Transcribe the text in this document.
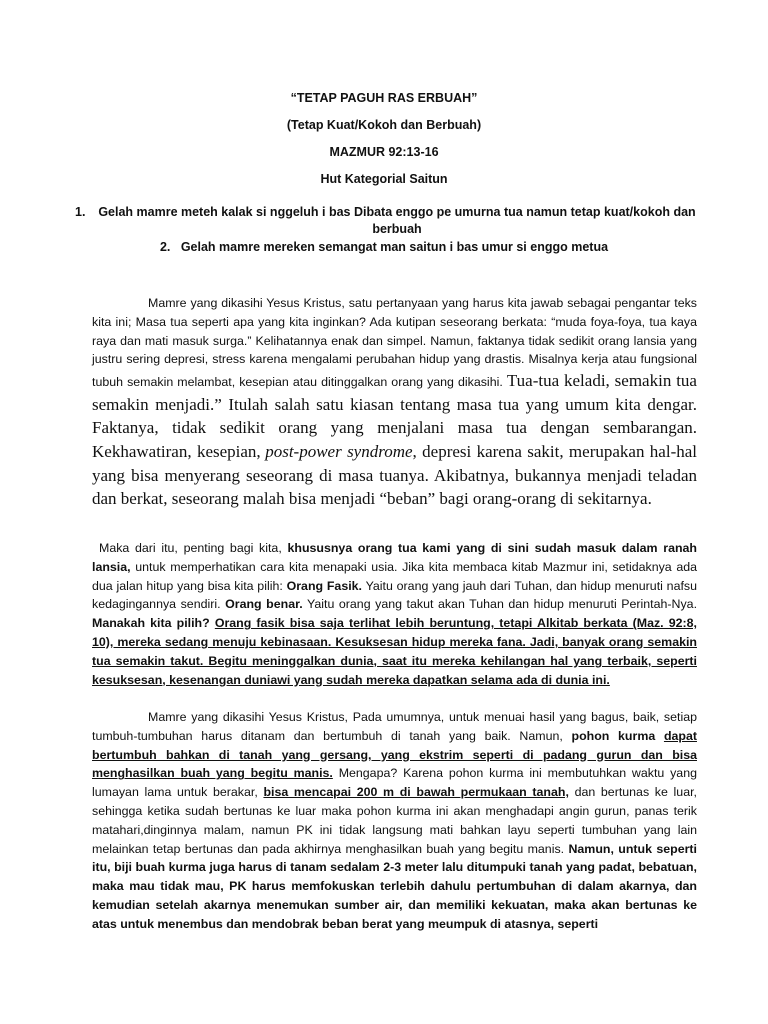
“TETAP PAGUH RAS ERBUAH”
(Tetap Kuat/Kokoh dan Berbuah)
MAZMUR 92:13-16
Hut Kategorial Saitun
1. Gelah mamre meteh kalak si nggeluh i bas Dibata enggo pe umurna tua namun tetap kuat/kokoh dan berbuah
2. Gelah mamre mereken semangat man saitun i bas umur si enggo metua
Mamre yang dikasihi Yesus Kristus, satu pertanyaan yang harus kita jawab sebagai pengantar teks kita ini; Masa tua seperti apa yang kita inginkan? Ada kutipan seseorang berkata: “muda foya-foya, tua kaya raya dan mati masuk surga.” Kelihatannya enak dan simpel. Namun, faktanya tidak sedikit orang lansia yang justru sering depresi, stress karena mengalami perubahan hidup yang drastis. Misalnya kerja atau fungsional tubuh semakin melambat, kesepian atau ditinggalkan orang yang dikasihi. Tua-tua keladi, semakin tua semakin menjadi.” Itulah salah satu kiasan tentang masa tua yang umum kita dengar. Faktanya, tidak sedikit orang yang menjalani masa tua dengan sembarangan. Kekhawatiran, kesepian, post-power syndrome, depresi karena sakit, merupakan hal-hal yang bisa menyerang seseorang di masa tuanya. Akibatnya, bukannya menjadi teladan dan berkat, seseorang malah bisa menjadi “beban” bagi orang-orang di sekitarnya.
Maka dari itu, penting bagi kita, khususnya orang tua kami yang di sini sudah masuk dalam ranah lansia, untuk memperhatikan cara kita menapaki usia. Jika kita membaca kitab Mazmur ini, setidaknya ada dua jalan hitup yang bisa kita pilih: Orang Fasik. Yaitu orang yang jauh dari Tuhan, dan hidup menuruti nafsu kedagingannya sendiri. Orang benar. Yaitu orang yang takut akan Tuhan dan hidup menuruti Perintah-Nya. Manakah kita pilih? Orang fasik bisa saja terlihat lebih beruntung, tetapi Alkitab berkata (Maz. 92:8, 10), mereka sedang menuju kebinasaan. Kesuksesan hidup mereka fana. Jadi, banyak orang semakin tua semakin takut. Begitu meninggalkan dunia, saat itu mereka kehilangan hal yang terbaik, seperti kesuksesan, kesenangan duniawi yang sudah mereka dapatkan selama ada di dunia ini.
Mamre yang dikasihi Yesus Kristus, Pada umumnya, untuk menuai hasil yang bagus, baik, setiap tumbuh-tumbuhan harus ditanam dan bertumbuh di tanah yang baik. Namun, pohon kurma dapat bertumbuh bahkan di tanah yang gersang, yang ekstrim seperti di padang gurun dan bisa menghasilkan buah yang begitu manis. Mengapa? Karena pohon kurma ini membutuhkan waktu yang lumayan lama untuk berakar, bisa mencapai 200 m di bawah permukaan tanah, dan bertunas ke luar, sehingga ketika sudah bertunas ke luar maka pohon kurma ini akan menghadapi angin gurun, panas terik matahari,dinginnya malam, namun PK ini tidak langsung mati bahkan layu seperti tumbuhan yang lain melainkan tetap bertunas dan pada akhirnya menghasilkan buah yang begitu manis. Namun, untuk seperti itu, biji buah kurma juga harus di tanam sedalam 2-3 meter lalu ditumpuki tanah yang padat, bebatuan, maka mau tidak mau, PK harus memfokuskan terlebih dahulu pertumbuhan di dalam akarnya, dan kemudian setelah akarnya menemukan sumber air, dan memiliki kekuatan, maka akan bertunas ke atas untuk menembus dan mendobrak beban berat yang meumpuk di atasnya, seperti
